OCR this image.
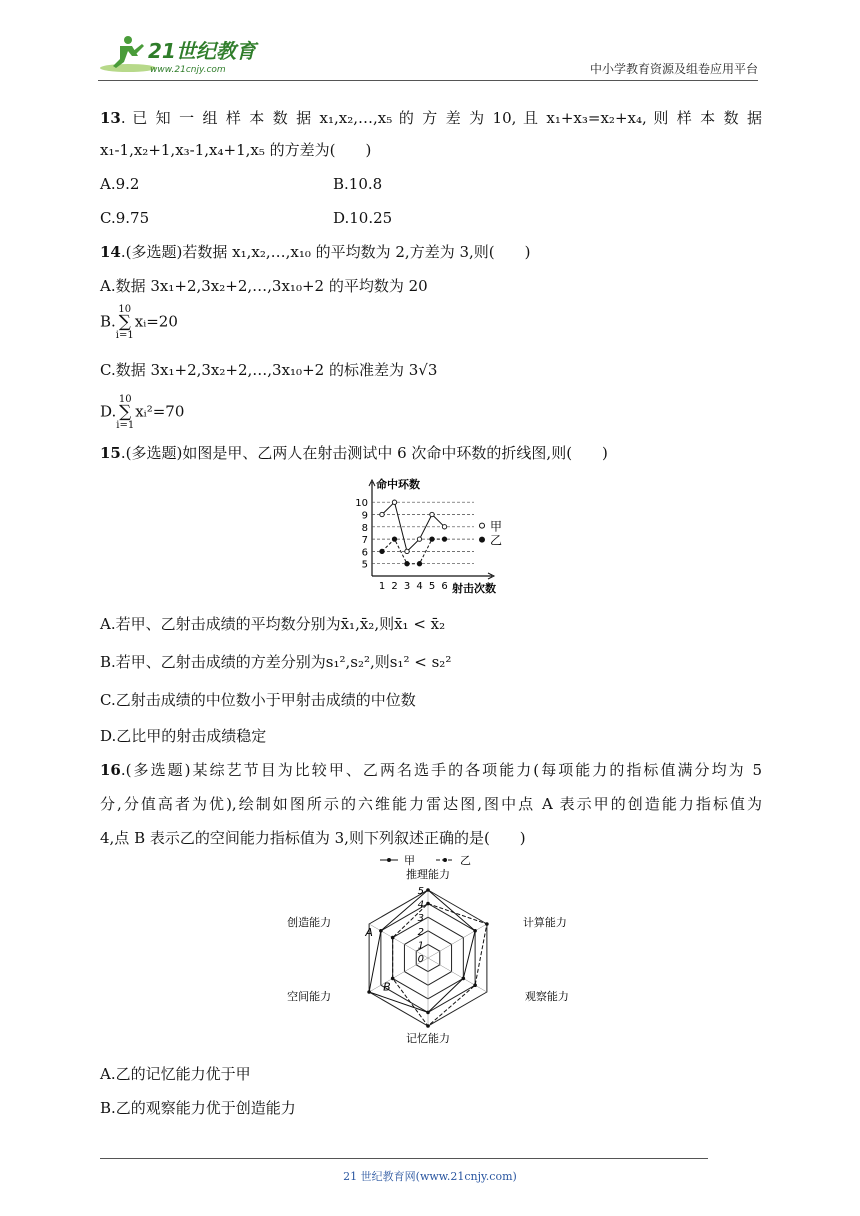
21世纪教育
www.21cnjy.com	中小学教育资源及组卷应用平台
13. 已 知 一 组 样 本 数 据 x₁,x₂,…,x₅ 的 方 差 为 10, 且 x₁+x₃=x₂+x₄, 则 样 本 数 据
x₁-1,x₂+1,x₃-1,x₄+1,x₅ 的方差为(　　)
A.9.2	B.10.8
C.9.75	D.10.25
14.(多选题)若数据 x₁,x₂,…,x₁₀ 的平均数为 2,方差为 3,则(　　)
A.数据 3x₁+2,3x₂+2,…,3x₁₀+2 的平均数为 20
B.10
∑
i=1xᵢ=20
C.数据 3x₁+2,3x₂+2,…,3x₁₀+2 的标准差为 3√3
D.10
∑
i=1xᵢ²=70
15.(多选题)如图是甲、乙两人在射击测试中 6 次命中环数的折线图,则(　　)
命中环数
射击次数
5
6
7
8
9
10
1 2 3 4 5 6
甲
乙
A.若甲、乙射击成绩的平均数分别为x̄₁,x̄₂,则x̄₁ < x̄₂
B.若甲、乙射击成绩的方差分别为s₁²,s₂²,则s₁² < s₂²
C.乙射击成绩的中位数小于甲射击成绩的中位数
D.乙比甲的射击成绩稳定
16.(多选题)某综艺节目为比较甲、乙两名选手的各项能力(每项能力的指标值满分均为 5
分,分值高者为优),绘制如图所示的六维能力雷达图,图中点 A 表示甲的创造能力指标值为
4,点 B 表示乙的空间能力指标值为 3,则下列叙述正确的是(　　)
0
1
2
3
4
5
推理能力
计算能力
观察能力
记忆能力
空间能力
创造能力
甲	乙
A
B
A.乙的记忆能力优于甲
B.乙的观察能力优于创造能力
21 世纪教育网(www.21cnjy.com)
